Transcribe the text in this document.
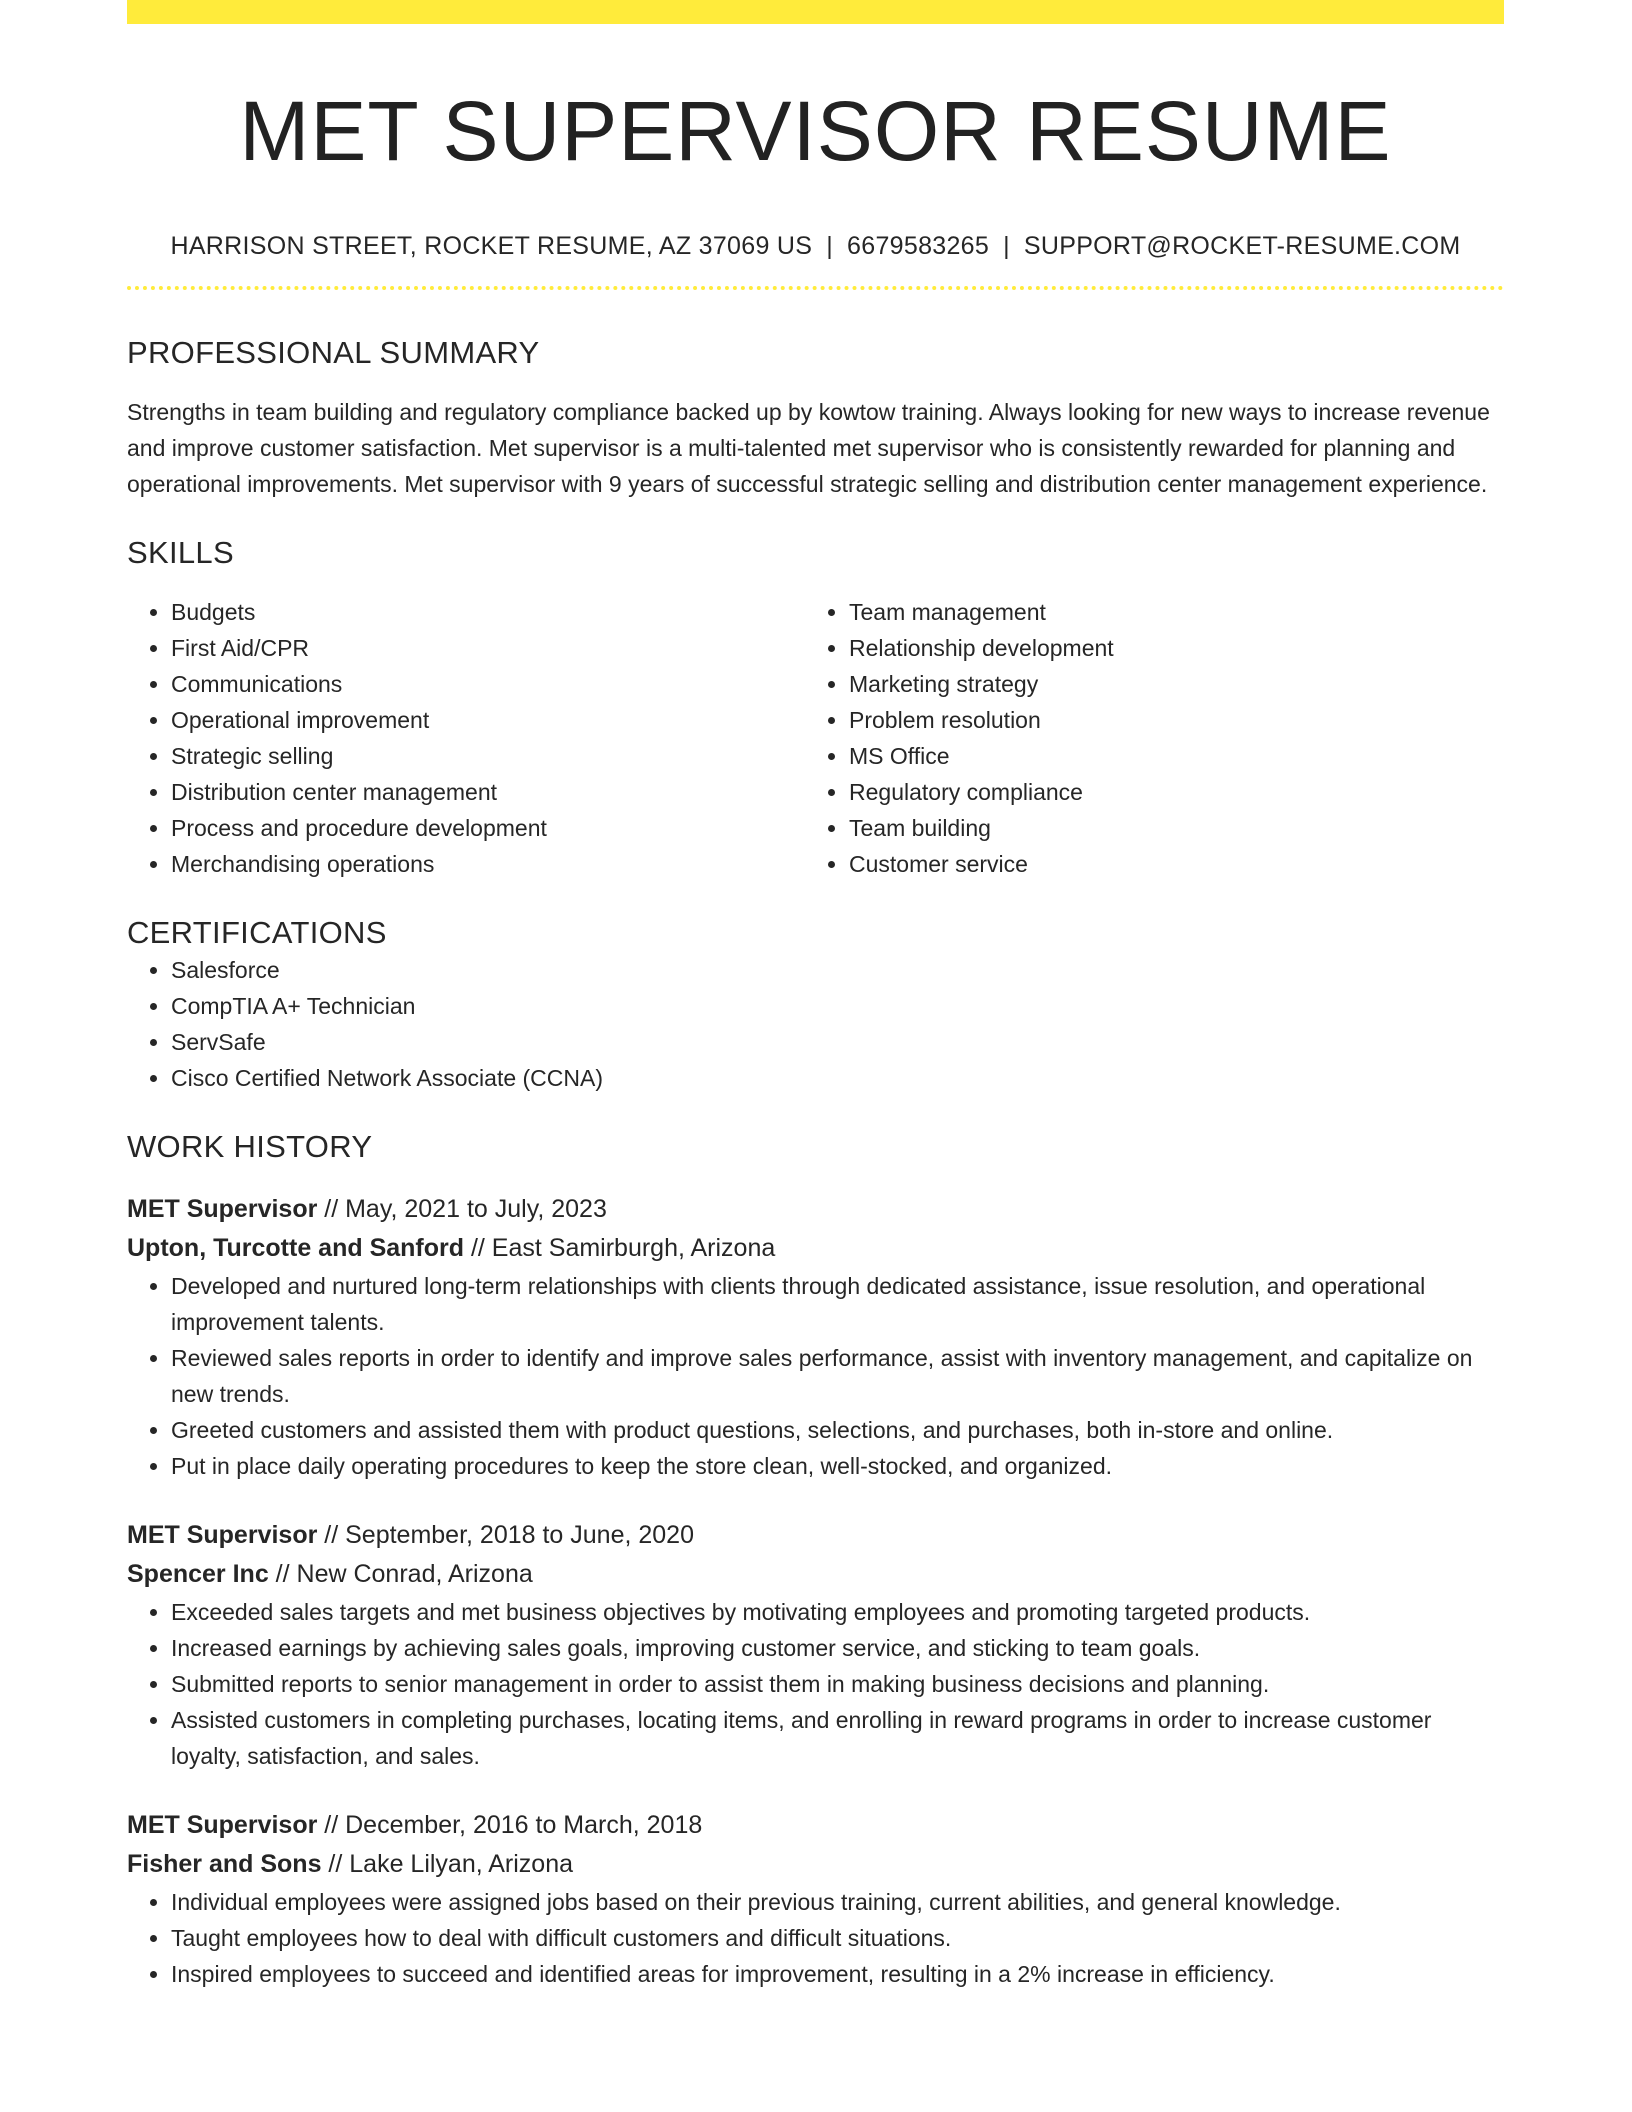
MET SUPERVISOR RESUME
HARRISON STREET, ROCKET RESUME, AZ 37069 US | 6679583265 | SUPPORT@ROCKET-RESUME.COM
PROFESSIONAL SUMMARY

Strengths in team building and regulatory compliance backed up by kowtow training. Always looking for new ways to increase revenue and improve customer satisfaction. Met supervisor is a multi-talented met supervisor who is consistently rewarded for planning and operational improvements. Met supervisor with 9 years of successful strategic selling and distribution center management experience.

SKILLS
• Budgets
• First Aid/CPR
• Communications
• Operational improvement
• Strategic selling
• Distribution center management
• Process and procedure development
• Merchandising operations
• Team management
• Relationship development
• Marketing strategy
• Problem resolution
• MS Office
• Regulatory compliance
• Team building
• Customer service
CERTIFICATIONS
• Salesforce
• CompTIA A+ Technician
• ServSafe
• Cisco Certified Network Associate (CCNA)
WORK HISTORY
MET Supervisor // May, 2021 to July, 2023
Upton, Turcotte and Sanford // East Samirburgh, Arizona
• Developed and nurtured long-term relationships with clients through dedicated assistance, issue resolution, and operational improvement talents.
• Reviewed sales reports in order to identify and improve sales performance, assist with inventory management, and capitalize on new trends.
• Greeted customers and assisted them with product questions, selections, and purchases, both in-store and online.
• Put in place daily operating procedures to keep the store clean, well-stocked, and organized.
MET Supervisor // September, 2018 to June, 2020
Spencer Inc // New Conrad, Arizona
• Exceeded sales targets and met business objectives by motivating employees and promoting targeted products.
• Increased earnings by achieving sales goals, improving customer service, and sticking to team goals.
• Submitted reports to senior management in order to assist them in making business decisions and planning.
• Assisted customers in completing purchases, locating items, and enrolling in reward programs in order to increase customer loyalty, satisfaction, and sales.
MET Supervisor // December, 2016 to March, 2018
Fisher and Sons // Lake Lilyan, Arizona
• Individual employees were assigned jobs based on their previous training, current abilities, and general knowledge.
• Taught employees how to deal with difficult customers and difficult situations.
• Inspired employees to succeed and identified areas for improvement, resulting in a 2% increase in efficiency.
